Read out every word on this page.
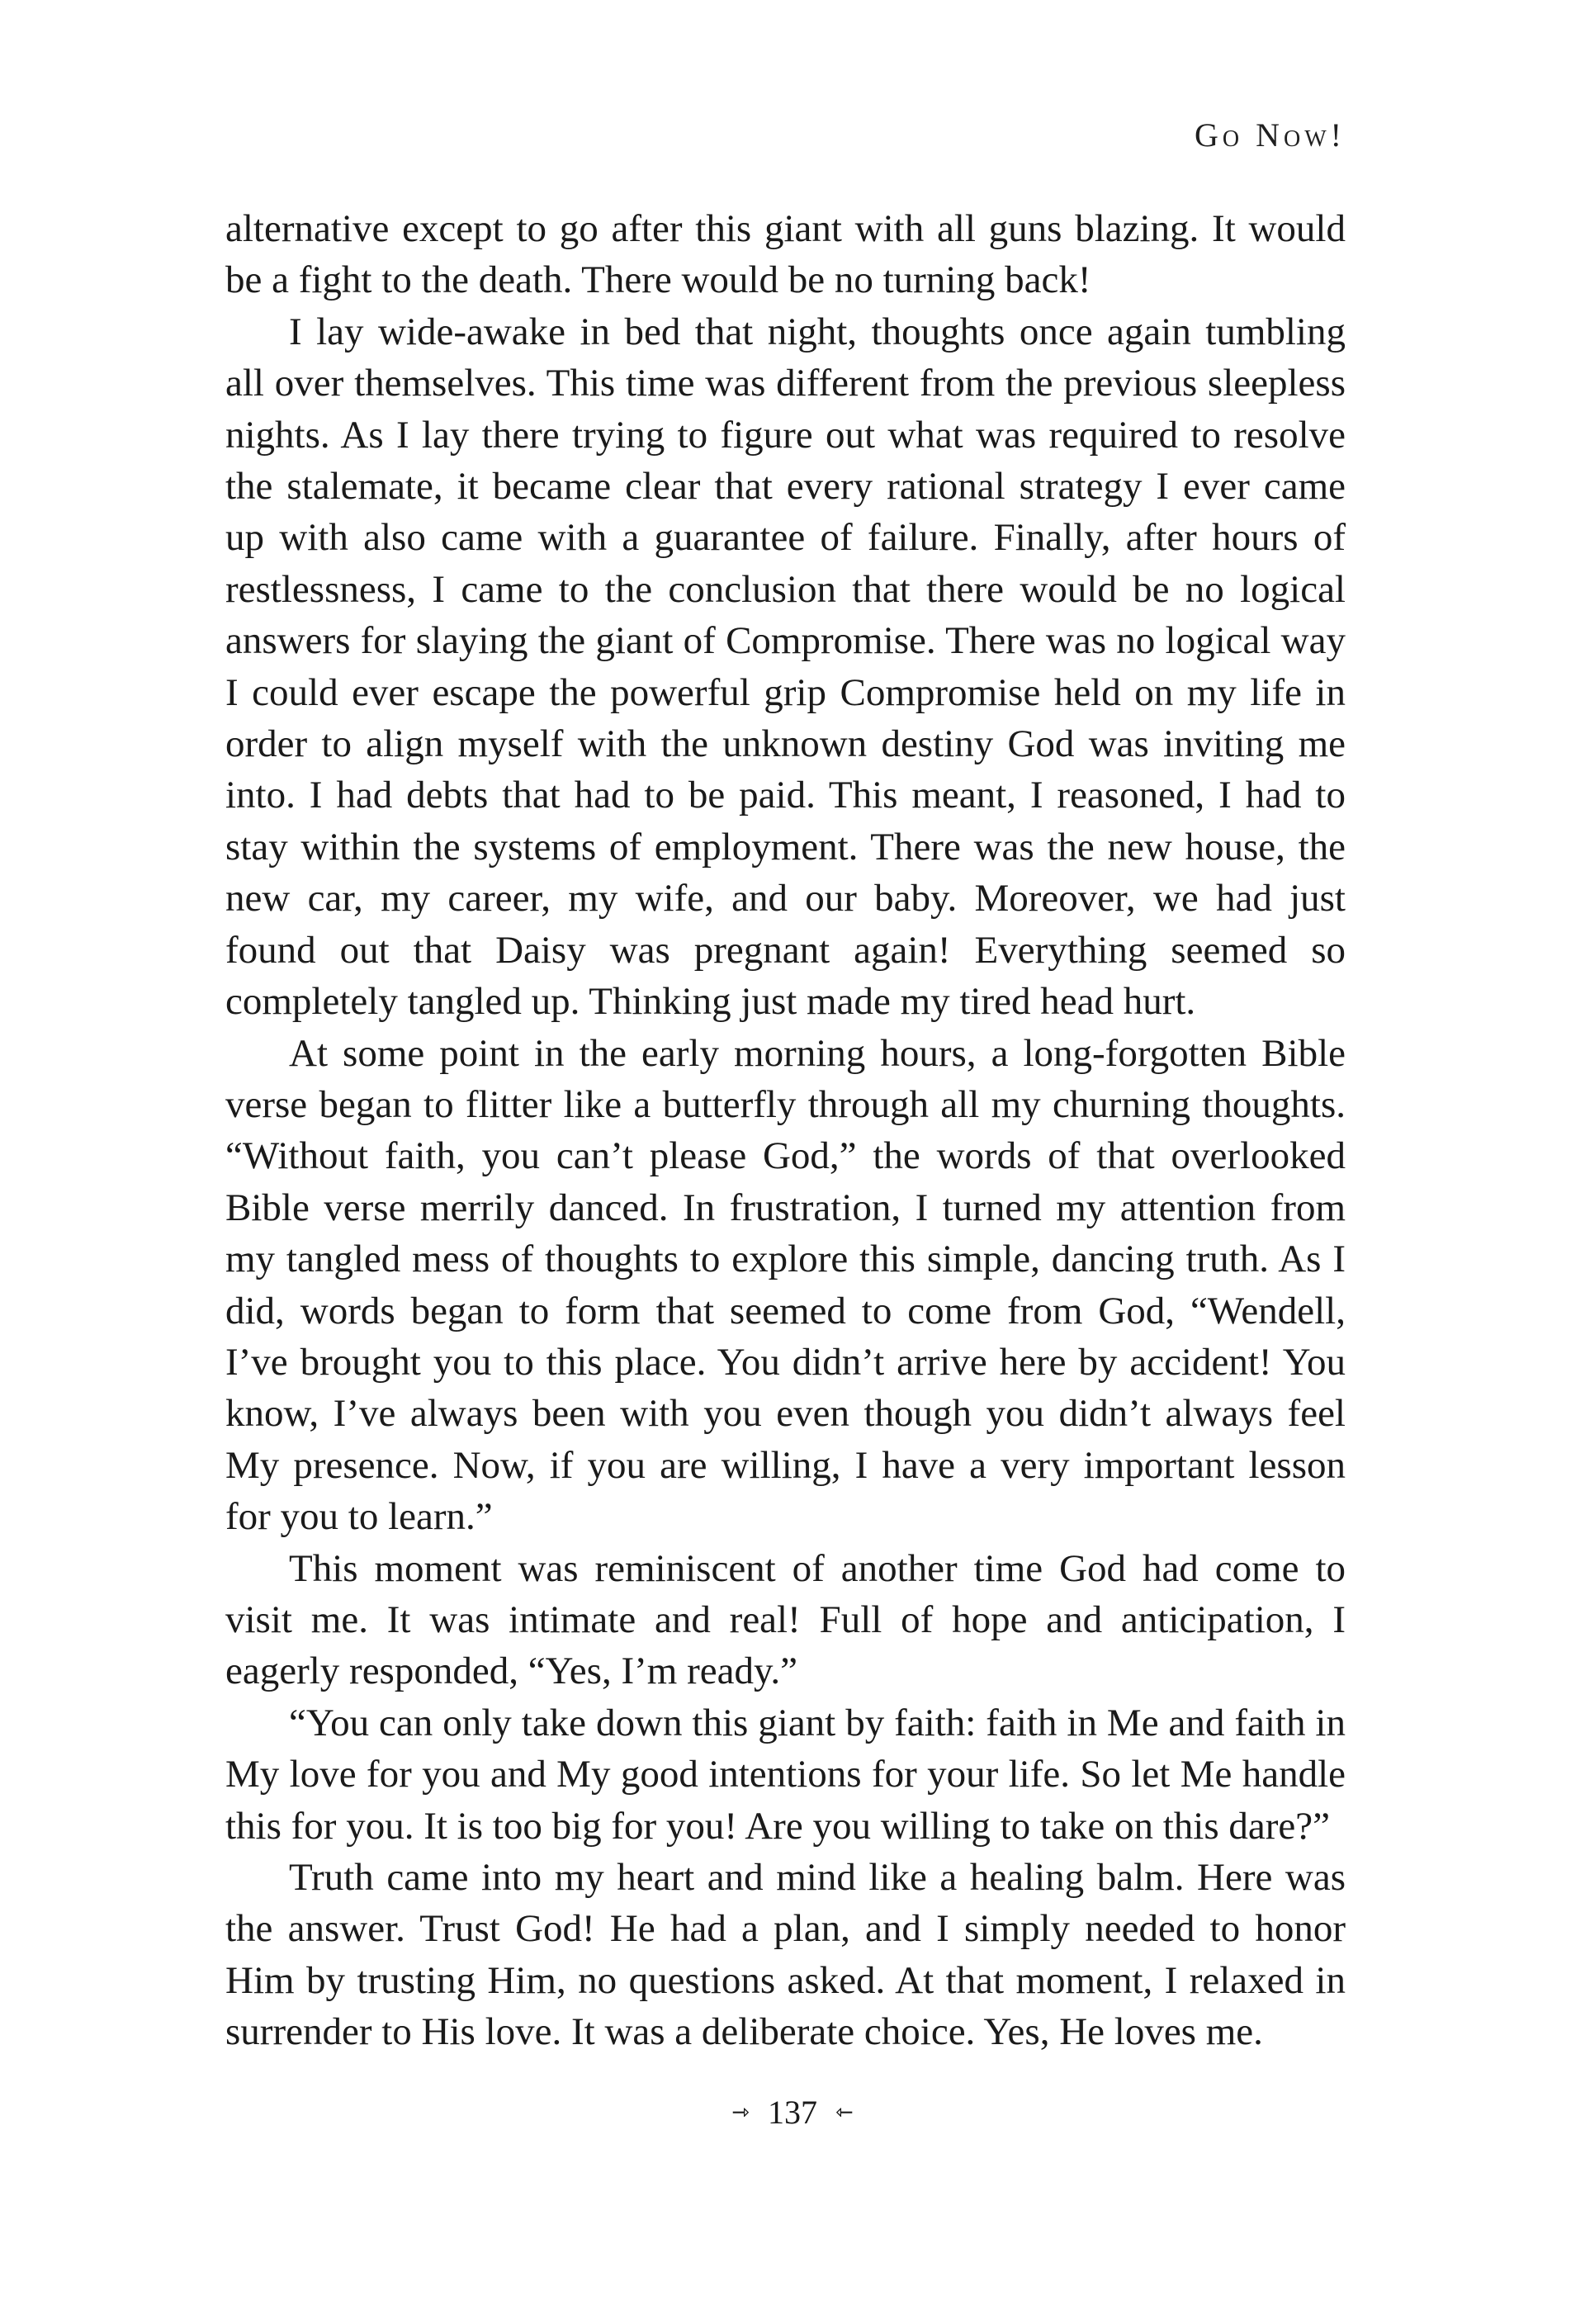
Go Now!

alternative except to go after this giant with all guns blazing. It would be a fight to the death. There would be no turning back!

I lay wide-awake in bed that night, thoughts once again tumbling all over themselves. This time was different from the previous sleepless nights. As I lay there trying to figure out what was required to resolve the stalemate, it became clear that every rational strategy I ever came up with also came with a guarantee of failure. Finally, after hours of restlessness, I came to the conclusion that there would be no logical answers for slaying the giant of Compromise. There was no logical way I could ever escape the powerful grip Compromise held on my life in order to align myself with the unknown destiny God was inviting me into. I had debts that had to be paid. This meant, I reasoned, I had to stay within the systems of employment. There was the new house, the new car, my career, my wife, and our baby. Moreover, we had just found out that Daisy was pregnant again! Everything seemed so completely tangled up. Thinking just made my tired head hurt.

At some point in the early morning hours, a long-forgotten Bible verse began to flitter like a butterfly through all my churning thoughts. “Without faith, you can’t please God,” the words of that overlooked Bible verse merrily danced. In frustration, I turned my attention from my tangled mess of thoughts to explore this simple, dancing truth. As I did, words began to form that seemed to come from God, “Wendell, I’ve brought you to this place. You didn’t arrive here by accident! You know, I’ve always been with you even though you didn’t always feel My presence. Now, if you are willing, I have a very important lesson for you to learn.”

This moment was reminiscent of another time God had come to visit me. It was intimate and real! Full of hope and anticipation, I eagerly responded, “Yes, I’m ready.”

“You can only take down this giant by faith: faith in Me and faith in My love for you and My good intentions for your life. So let Me handle this for you. It is too big for you! Are you willing to take on this dare?”

Truth came into my heart and mind like a healing balm. Here was the answer. Trust God! He had a plan, and I simply needed to honor Him by trusting Him, no questions asked. At that moment, I relaxed in surrender to His love. It was a deliberate choice. Yes, He loves me.

⇾ 137 ⇽
